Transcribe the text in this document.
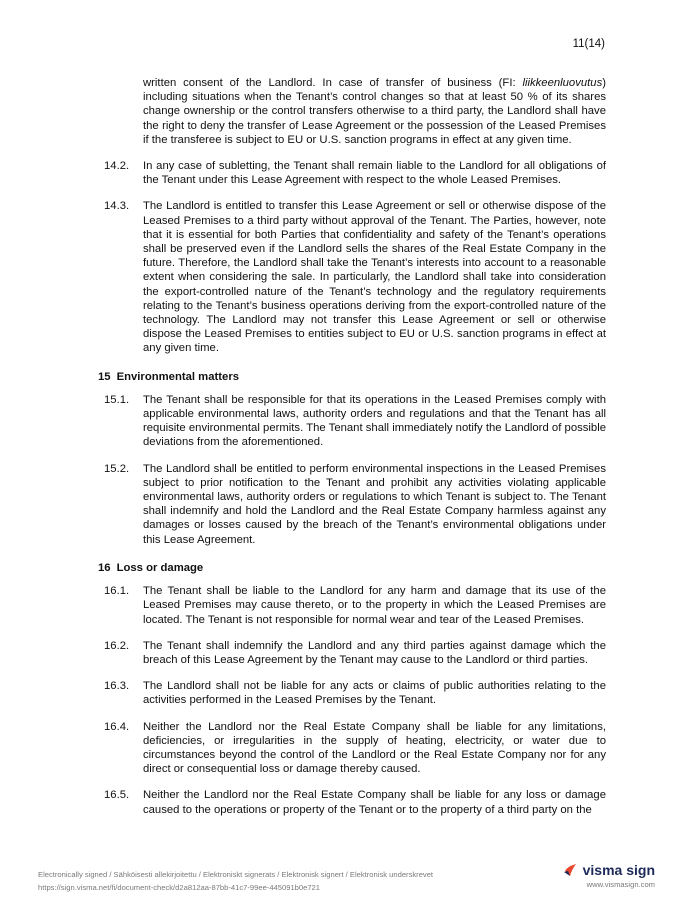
11(14)
written consent of the Landlord. In case of transfer of business (FI: liikkeenluovutus) including situations when the Tenant’s control changes so that at least 50 % of its shares change ownership or the control transfers otherwise to a third party, the Landlord shall have the right to deny the transfer of Lease Agreement or the possession of the Leased Premises if the transferee is subject to EU or U.S. sanction programs in effect at any given time.
14.2.	In any case of subletting, the Tenant shall remain liable to the Landlord for all obligations of the Tenant under this Lease Agreement with respect to the whole Leased Premises.
14.3.	The Landlord is entitled to transfer this Lease Agreement or sell or otherwise dispose of the Leased Premises to a third party without approval of the Tenant. The Parties, however, note that it is essential for both Parties that confidentiality and safety of the Tenant’s operations shall be preserved even if the Landlord sells the shares of the Real Estate Company in the future. Therefore, the Landlord shall take the Tenant’s interests into account to a reasonable extent when considering the sale. In particularly, the Landlord shall take into consideration the export-controlled nature of the Tenant’s technology and the regulatory requirements relating to the Tenant’s business operations deriving from the export-controlled nature of the technology. The Landlord may not transfer this Lease Agreement or sell or otherwise dispose the Leased Premises to entities subject to EU or U.S. sanction programs in effect at any given time.
15 Environmental matters
15.1.	The Tenant shall be responsible for that its operations in the Leased Premises comply with applicable environmental laws, authority orders and regulations and that the Tenant has all requisite environmental permits. The Tenant shall immediately notify the Landlord of possible deviations from the aforementioned.
15.2.	The Landlord shall be entitled to perform environmental inspections in the Leased Premises subject to prior notification to the Tenant and prohibit any activities violating applicable environmental laws, authority orders or regulations to which Tenant is subject to. The Tenant shall indemnify and hold the Landlord and the Real Estate Company harmless against any damages or losses caused by the breach of the Tenant’s environmental obligations under this Lease Agreement.
16 Loss or damage
16.1.	The Tenant shall be liable to the Landlord for any harm and damage that its use of the Leased Premises may cause thereto, or to the property in which the Leased Premises are located. The Tenant is not responsible for normal wear and tear of the Leased Premises.
16.2.	The Tenant shall indemnify the Landlord and any third parties against damage which the breach of this Lease Agreement by the Tenant may cause to the Landlord or third parties.
16.3.	The Landlord shall not be liable for any acts or claims of public authorities relating to the activities performed in the Leased Premises by the Tenant.
16.4.	Neither the Landlord nor the Real Estate Company shall be liable for any limitations, deficiencies, or irregularities in the supply of heating, electricity, or water due to circumstances beyond the control of the Landlord or the Real Estate Company nor for any direct or consequential loss or damage thereby caused.
16.5.	Neither the Landlord nor the Real Estate Company shall be liable for any loss or damage caused to the operations or property of the Tenant or to the property of a third party on the
Electronically signed / Sähköisesti allekirjoitettu / Elektroniskt signerats / Elektronisk signert / Elektronisk underskrevet
https://sign.visma.net/fi/document-check/d2a812aa-87bb-41c7-99ee-445091b0e721
visma sign
www.vismasign.com
